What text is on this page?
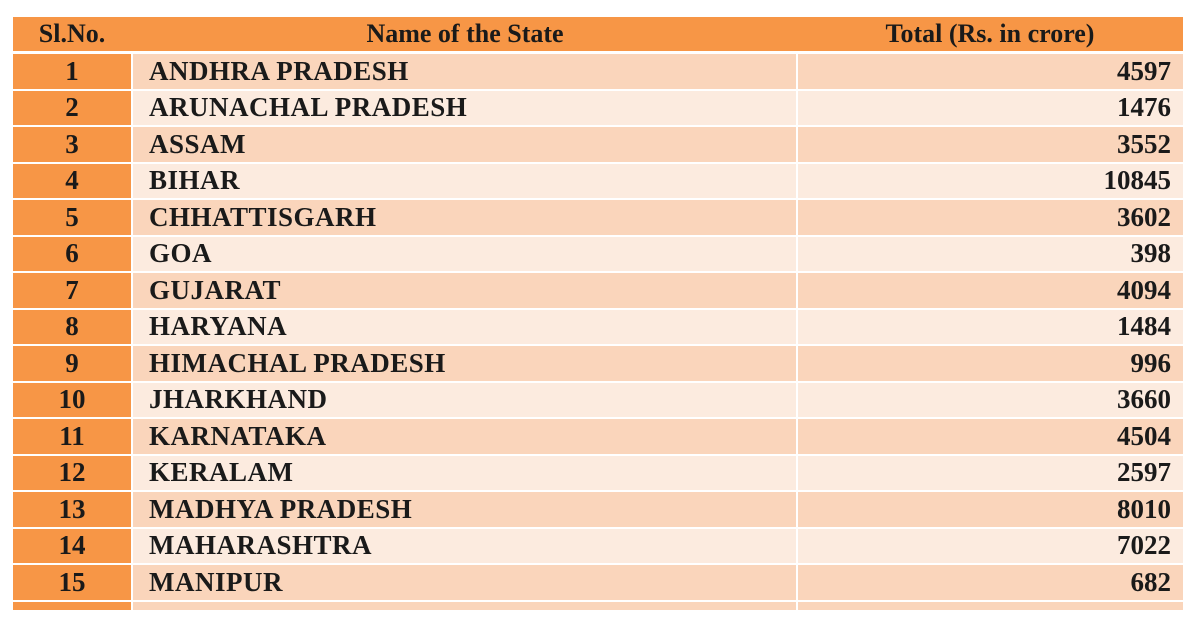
Sl.No.	Name of the State	Total (Rs. in crore)
1	ANDHRA PRADESH	4597
2	ARUNACHAL PRADESH	1476
3	ASSAM	3552
4	BIHAR	10845
5	CHHATTISGARH	3602
6	GOA	398
7	GUJARAT	4094
8	HARYANA	1484
9	HIMACHAL PRADESH	996
10	JHARKHAND	3660
11	KARNATAKA	4504
12	KERALAM	2597
13	MADHYA PRADESH	8010
14	MAHARASHTRA	7022
15	MANIPUR	682
